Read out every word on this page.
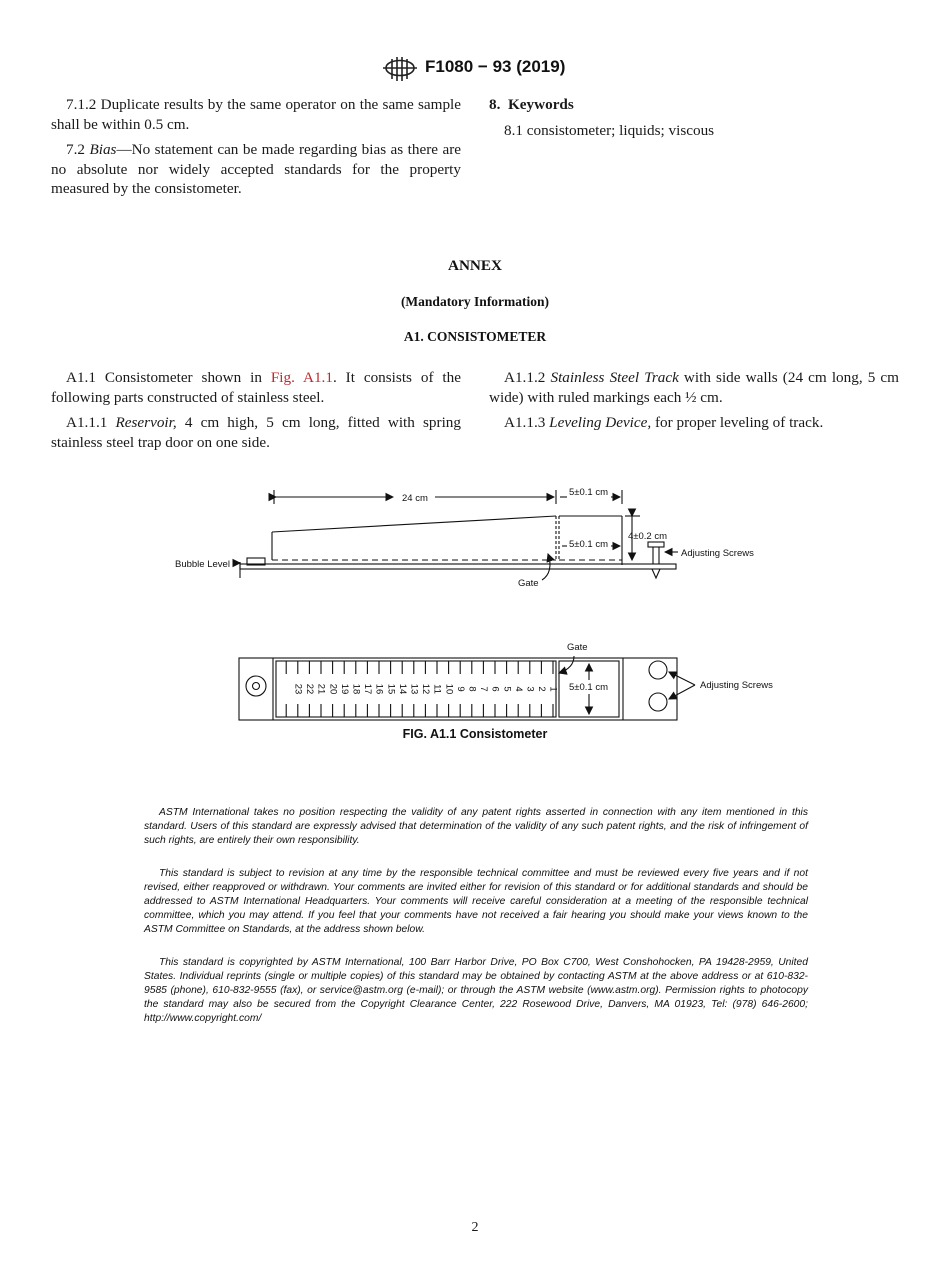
F1080 − 93 (2019)

7.1.2 Duplicate results by the same operator on the same sample shall be within 0.5 cm.

7.2 Bias—No statement can be made regarding bias as there are no absolute nor widely accepted standards for the property measured by the consistometer.

8. Keywords

8.1 consistometer; liquids; viscous

ANNEX
(Mandatory Information)
A1. CONSISTOMETER

A1.1 Consistometer shown in Fig. A1.1. It consists of the following parts constructed of stainless steel.

A1.1.1 Reservoir, 4 cm high, 5 cm long, fitted with spring stainless steel trap door on one side.

A1.1.2 Stainless Steel Track with side walls (24 cm long, 5 cm wide) with ruled markings each ½ cm.

A1.1.3 Leveling Device, for proper leveling of track.

24 cm
5±0.1 cm
5±0.1 cm
4±0.2 cm
Adjusting Screws
Bubble Level
Gate
Gate
5±0.1 cm	Adjusting Screws
1
2
3
4
5
6
7
8
9
10
11
12
13
14
15
16
17
18
19
20
21
22
23
FIG. A1.1 Consistometer

ASTM International takes no position respecting the validity of any patent rights asserted in connection with any item mentioned in this standard. Users of this standard are expressly advised that determination of the validity of any such patent rights, and the risk of infringement of such rights, are entirely their own responsibility.

This standard is subject to revision at any time by the responsible technical committee and must be reviewed every five years and if not revised, either reapproved or withdrawn. Your comments are invited either for revision of this standard or for additional standards and should be addressed to ASTM International Headquarters. Your comments will receive careful consideration at a meeting of the responsible technical committee, which you may attend. If you feel that your comments have not received a fair hearing you should make your views known to the ASTM Committee on Standards, at the address shown below.

This standard is copyrighted by ASTM International, 100 Barr Harbor Drive, PO Box C700, West Conshohocken, PA 19428-2959, United States. Individual reprints (single or multiple copies) of this standard may be obtained by contacting ASTM at the above address or at 610-832-9585 (phone), 610-832-9555 (fax), or service@astm.org (e-mail); or through the ASTM website (www.astm.org). Permission rights to photocopy the standard may also be secured from the Copyright Clearance Center, 222 Rosewood Drive, Danvers, MA 01923, Tel: (978) 646-2600; http://www.copyright.com/

2
